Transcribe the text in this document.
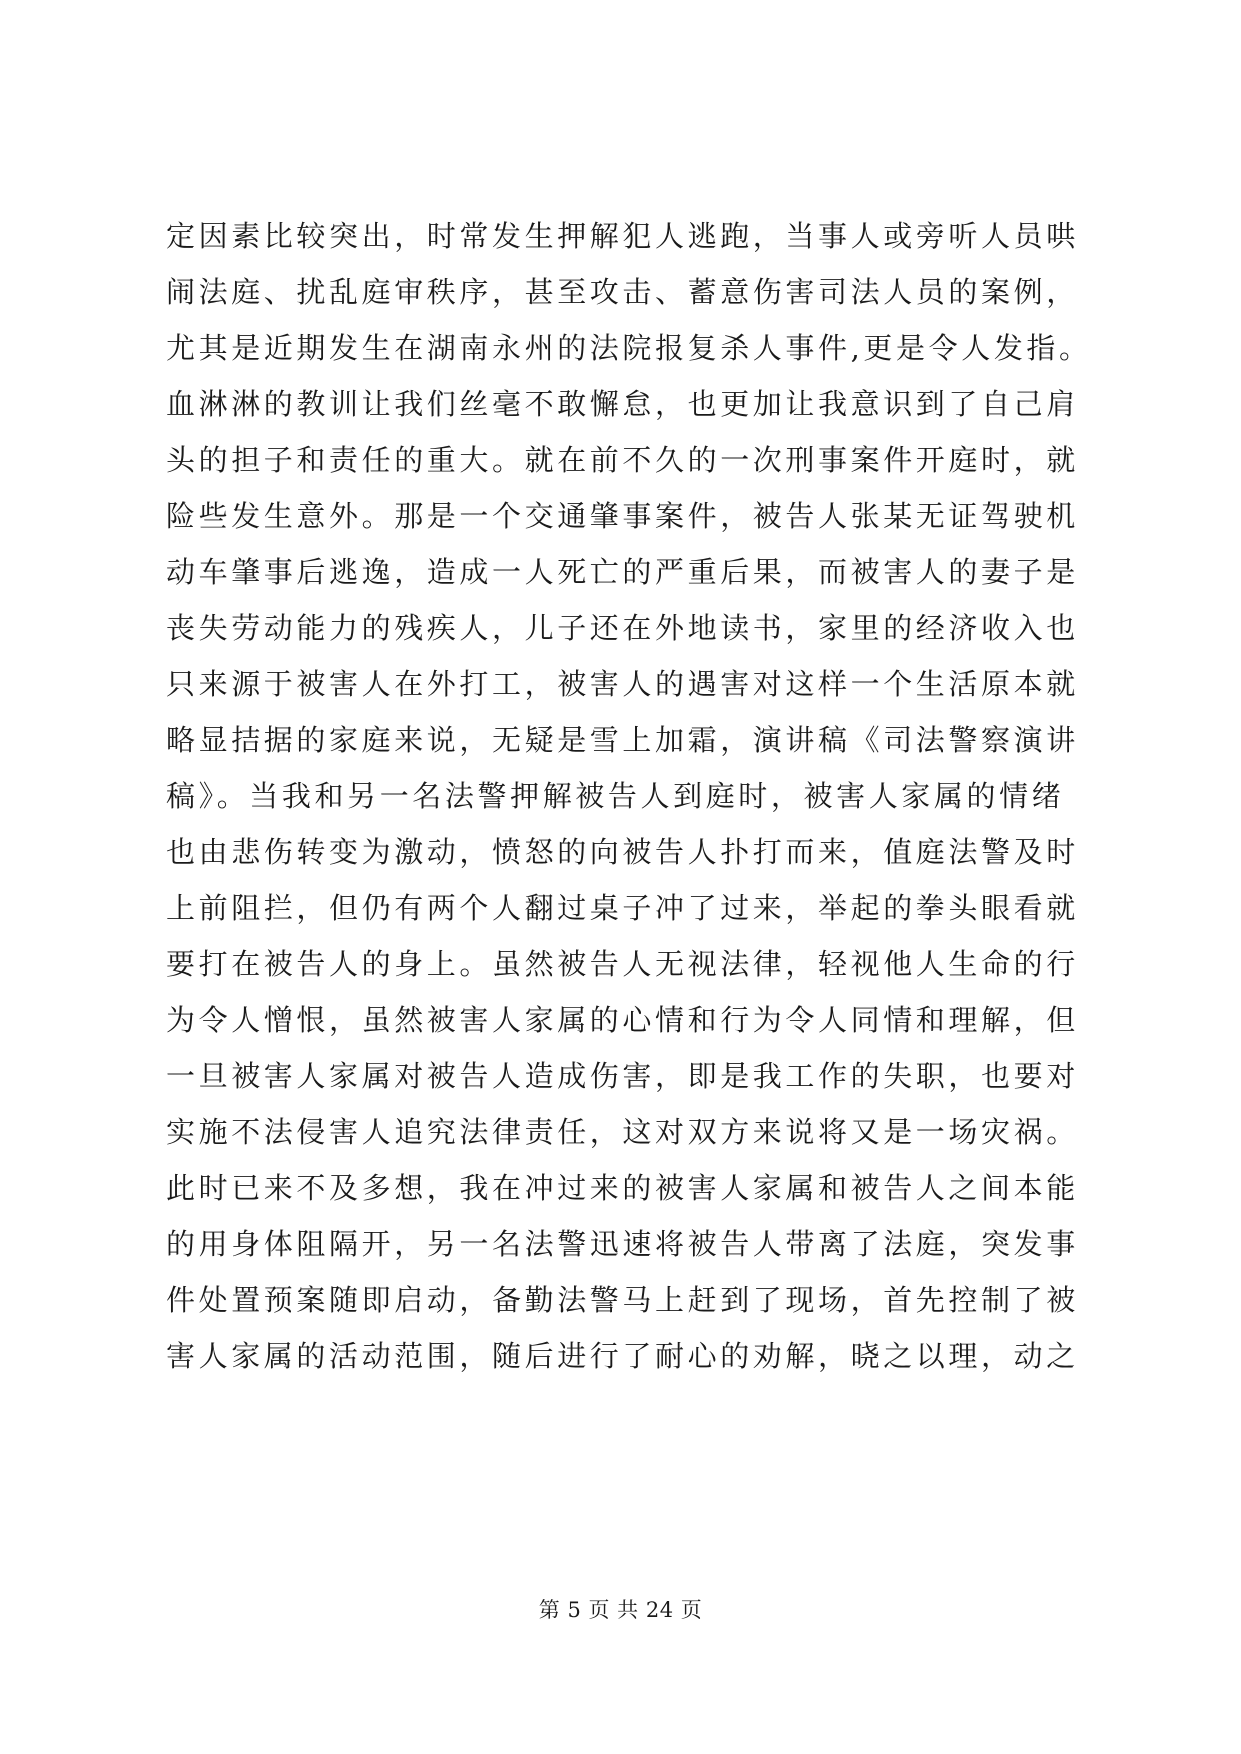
定因素比较突出，时常发生押解犯人逃跑，当事人或旁听人员哄
闹法庭、扰乱庭审秩序，甚至攻击、蓄意伤害司法人员的案例，
尤其是近期发生在湖南永州的法院报复杀人事件,更是令人发指。
血淋淋的教训让我们丝毫不敢懈怠，也更加让我意识到了自己肩
头的担子和责任的重大。就在前不久的一次刑事案件开庭时，就
险些发生意外。那是一个交通肇事案件，被告人张某无证驾驶机
动车肇事后逃逸，造成一人死亡的严重后果，而被害人的妻子是
丧失劳动能力的残疾人，儿子还在外地读书，家里的经济收入也
只来源于被害人在外打工，被害人的遇害对这样一个生活原本就
略显拮据的家庭来说，无疑是雪上加霜，演讲稿《司法警察演讲
稿》。当我和另一名法警押解被告人到庭时，被害人家属的情绪
也由悲伤转变为激动，愤怒的向被告人扑打而来，值庭法警及时
上前阻拦，但仍有两个人翻过桌子冲了过来，举起的拳头眼看就
要打在被告人的身上。虽然被告人无视法律，轻视他人生命的行
为令人憎恨，虽然被害人家属的心情和行为令人同情和理解，但
一旦被害人家属对被告人造成伤害，即是我工作的失职，也要对
实施不法侵害人追究法律责任，这对双方来说将又是一场灾祸。
此时已来不及多想，我在冲过来的被害人家属和被告人之间本能
的用身体阻隔开，另一名法警迅速将被告人带离了法庭，突发事
件处置预案随即启动，备勤法警马上赶到了现场，首先控制了被
害人家属的活动范围，随后进行了耐心的劝解，晓之以理，动之
第 5 页 共 24 页
